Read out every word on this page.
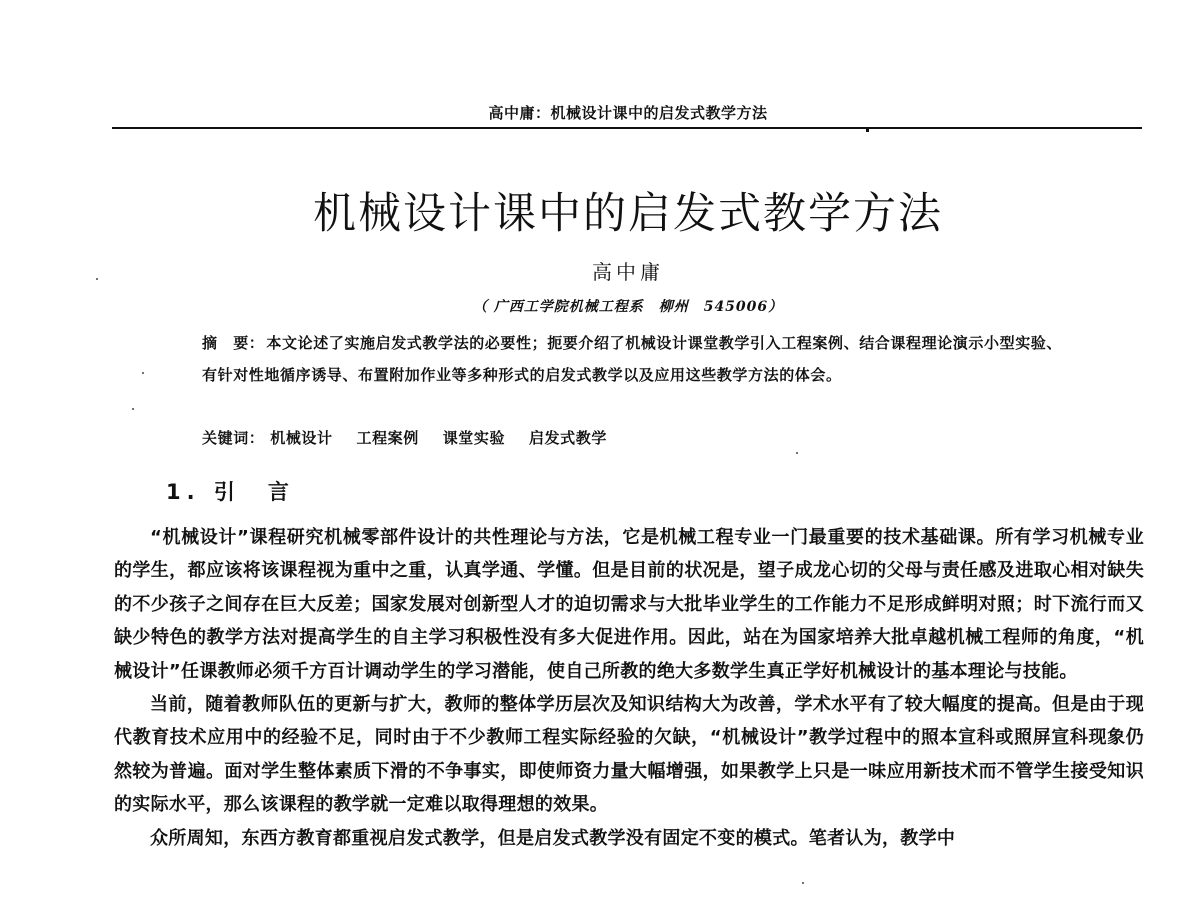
高中庸：机械设计课中的启发式教学方法
机械设计课中的启发式教学方法
高中庸
（ 广西工学院机械工程系　柳州　545006）
摘　要： 本文论述了实施启发式教学法的必要性；扼要介绍了机械设计课堂教学引入工程案例、结合课程理论演示小型实验、有针对性地循序诱导、布置附加作业等多种形式的启发式教学以及应用这些教学方法的体会。
关键词： 机械设计 工程案例 课堂实验 启发式教学
1. 引　言

“机械设计”课程研究机械零部件设计的共性理论与方法，它是机械工程专业一门最重要的技术基础课。所有学习机械专业的学生，都应该将该课程视为重中之重，认真学通、学懂。但是目前的状况是，望子成龙心切的父母与责任感及进取心相对缺失的不少孩子之间存在巨大反差；国家发展对创新型人才的迫切需求与大批毕业学生的工作能力不足形成鲜明对照；时下流行而又缺少特色的教学方法对提高学生的自主学习积极性没有多大促进作用。因此，站在为国家培养大批卓越机械工程师的角度，“机械设计”任课教师必须千方百计调动学生的学习潜能，使自己所教的绝大多数学生真正学好机械设计的基本理论与技能。

当前，随着教师队伍的更新与扩大，教师的整体学历层次及知识结构大为改善，学术水平有了较大幅度的提高。但是由于现代教育技术应用中的经验不足，同时由于不少教师工程实际经验的欠缺，“机械设计”教学过程中的照本宣科或照屏宣科现象仍然较为普遍。面对学生整体素质下滑的不争事实，即使师资力量大幅增强，如果教学上只是一味应用新技术而不管学生接受知识的实际水平，那么该课程的教学就一定难以取得理想的效果。

众所周知，东西方教育都重视启发式教学，但是启发式教学没有固定不变的模式。笔者认为，教学中
